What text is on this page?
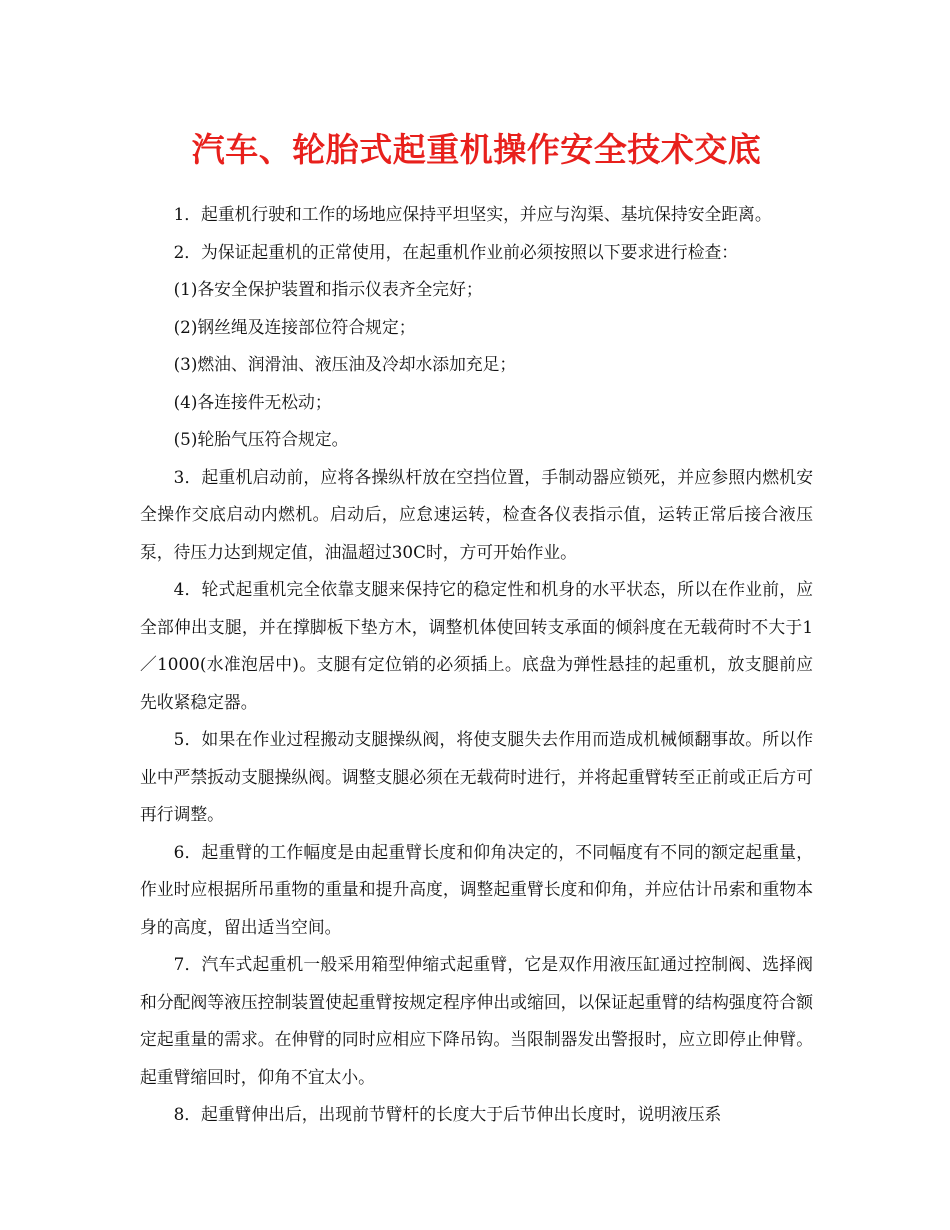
汽车、轮胎式起重机操作安全技术交底

1．起重机行驶和工作的场地应保持平坦坚实，并应与沟渠、基坑保持安全距离。

2．为保证起重机的正常使用，在起重机作业前必须按照以下要求进行检查：

(1)各安全保护装置和指示仪表齐全完好；

(2)钢丝绳及连接部位符合规定；

(3)燃油、润滑油、液压油及冷却水添加充足；

(4)各连接件无松动；

(5)轮胎气压符合规定。

3．起重机启动前，应将各操纵杆放在空挡位置，手制动器应锁死，并应参照内燃机安全操作交底启动内燃机。启动后，应怠速运转，检查各仪表指示值，运转正常后接合液压泵，待压力达到规定值，油温超过30C时，方可开始作业。

4．轮式起重机完全依靠支腿来保持它的稳定性和机身的水平状态，所以在作业前，应全部伸出支腿，并在撑脚板下垫方木，调整机体使回转支承面的倾斜度在无载荷时不大于1／1000(水准泡居中)。支腿有定位销的必须插上。底盘为弹性悬挂的起重机，放支腿前应先收紧稳定器。

5．如果在作业过程搬动支腿操纵阀，将使支腿失去作用而造成机械倾翻事故。所以作业中严禁扳动支腿操纵阀。调整支腿必须在无载荷时进行，并将起重臂转至正前或正后方可再行调整。

6．起重臂的工作幅度是由起重臂长度和仰角决定的，不同幅度有不同的额定起重量，作业时应根据所吊重物的重量和提升高度，调整起重臂长度和仰角，并应估计吊索和重物本身的高度，留出适当空间。

7．汽车式起重机一般采用箱型伸缩式起重臂，它是双作用液压缸通过控制阀、选择阀和分配阀等液压控制装置使起重臂按规定程序伸出或缩回，以保证起重臂的结构强度符合额定起重量的需求。在伸臂的同时应相应下降吊钩。当限制器发出警报时，应立即停止伸臂。起重臂缩回时，仰角不宜太小。

8．起重臂伸出后，出现前节臂杆的长度大于后节伸出长度时，说明液压系
